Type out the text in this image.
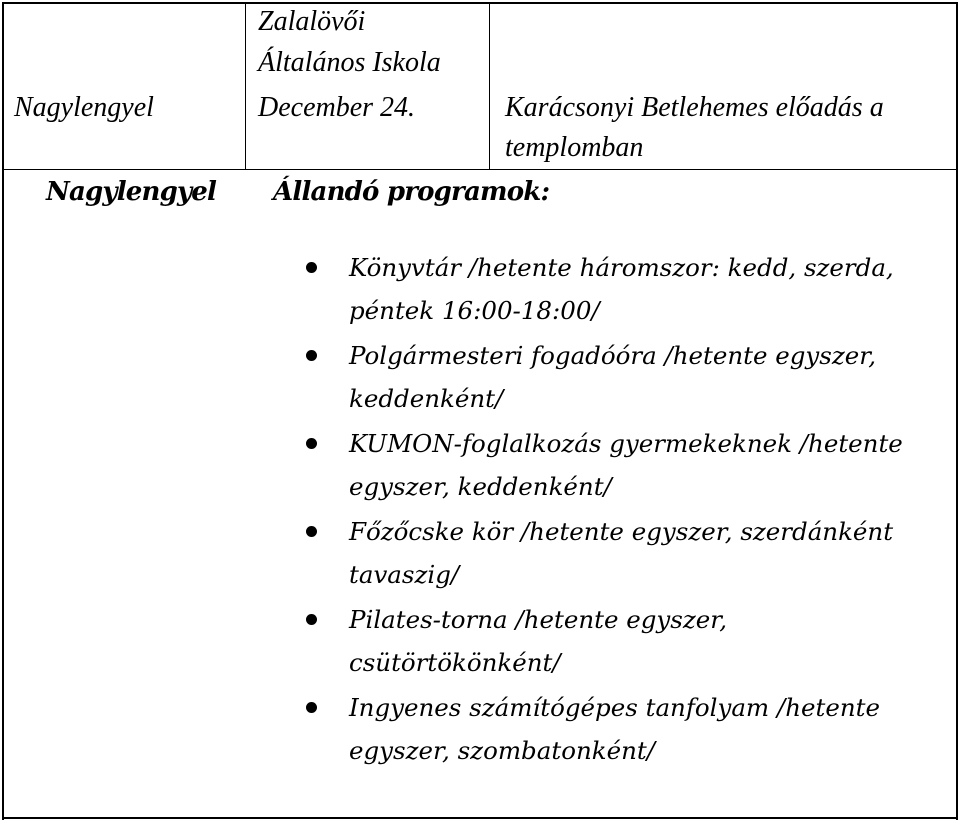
Zalalövői
Általános Iskola
Nagylengyel	December 24.	Karácsonyi Betlehemes előadás a
templomban
Nagylengyel Állandó programok:
Könyvtár /hetente háromszor: kedd, szerda,
péntek 16:00-18:00/
Polgármesteri fogadóóra /hetente egyszer,
keddenként/
KUMON-foglalkozás gyermekeknek /hetente
egyszer, keddenként/
Főzőcske kör /hetente egyszer, szerdánként
tavaszig/
Pilates-torna /hetente egyszer,
csütörtökönként/
Ingyenes számítógépes tanfolyam /hetente
egyszer, szombatonként/
